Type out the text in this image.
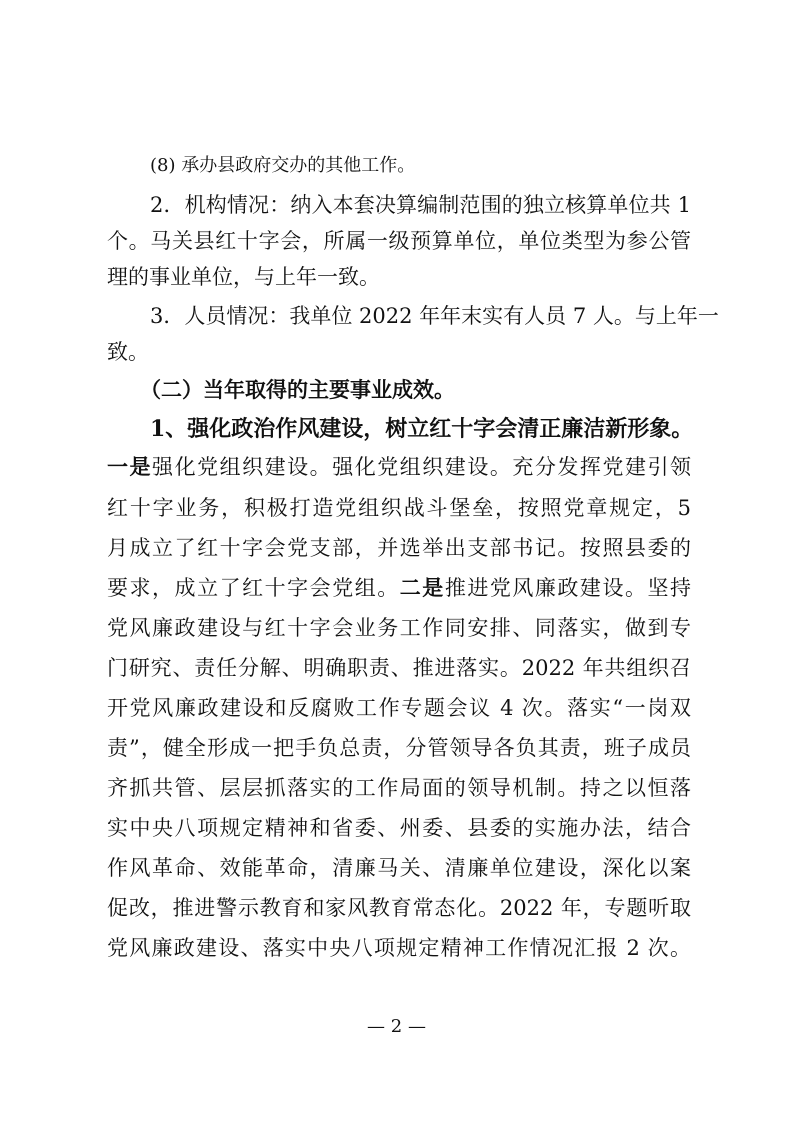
(8) 承办县政府交办的其他工作。

2．机构情况：纳入本套决算编制范围的独立核算单位共 1

个。马关县红十字会，所属一级预算单位，单位类型为参公管

理的事业单位，与上年一致。

3．人员情况：我单位 2022 年年末实有人员 7 人。与上年一

致。

（二）当年取得的主要事业成效。

1、强化政治作风建设，树立红十字会清正廉洁新形象。

一是强化党组织建设。强化党组织建设。充分发挥党建引领

红十字业务，积极打造党组织战斗堡垒，按照党章规定，5

月成立了红十字会党支部，并选举出支部书记。按照县委的

要求，成立了红十字会党组。二是推进党风廉政建设。坚持

党风廉政建设与红十字会业务工作同安排、同落实，做到专

门研究、责任分解、明确职责、推进落实。2022 年共组织召

开党风廉政建设和反腐败工作专题会议 4 次。落实“一岗双

责”，健全形成一把手负总责，分管领导各负其责，班子成员

齐抓共管、层层抓落实的工作局面的领导机制。持之以恒落

实中央八项规定精神和省委、州委、县委的实施办法，结合

作风革命、效能革命，清廉马关、清廉单位建设，深化以案

促改，推进警示教育和家风教育常态化。2022 年，专题听取

党风廉政建设、落实中央八项规定精神工作情况汇报 2 次。

— 2 —
